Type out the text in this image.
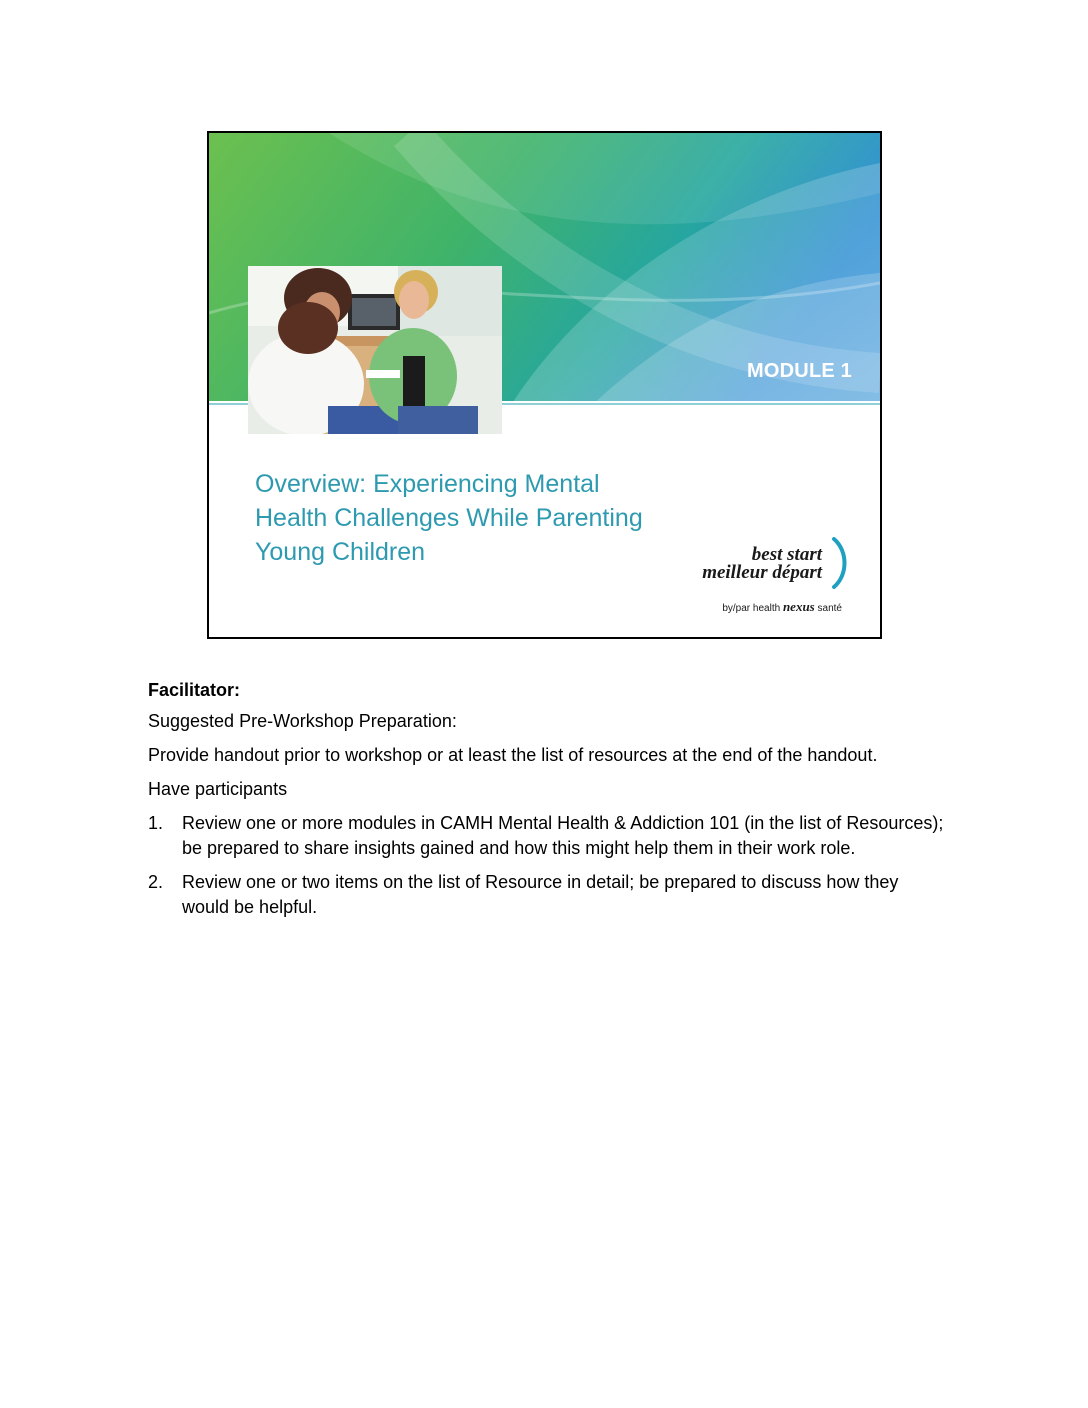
MODULE 1
Overview: Experiencing Mental
Health Challenges While Parenting
Young Children	best start
meilleur départ
by/par health nexus santé

Facilitator:

Suggested Pre-Workshop Preparation:

Provide handout prior to workshop or at least the list of resources at the end of the handout.

Have participants

1. Review one or more modules in CAMH Mental Health & Addiction 101 (in the list of Resources); be prepared to share insights gained and how this might help them in their work role.
2. Review one or two items on the list of Resource in detail; be prepared to discuss how they would be helpful.
